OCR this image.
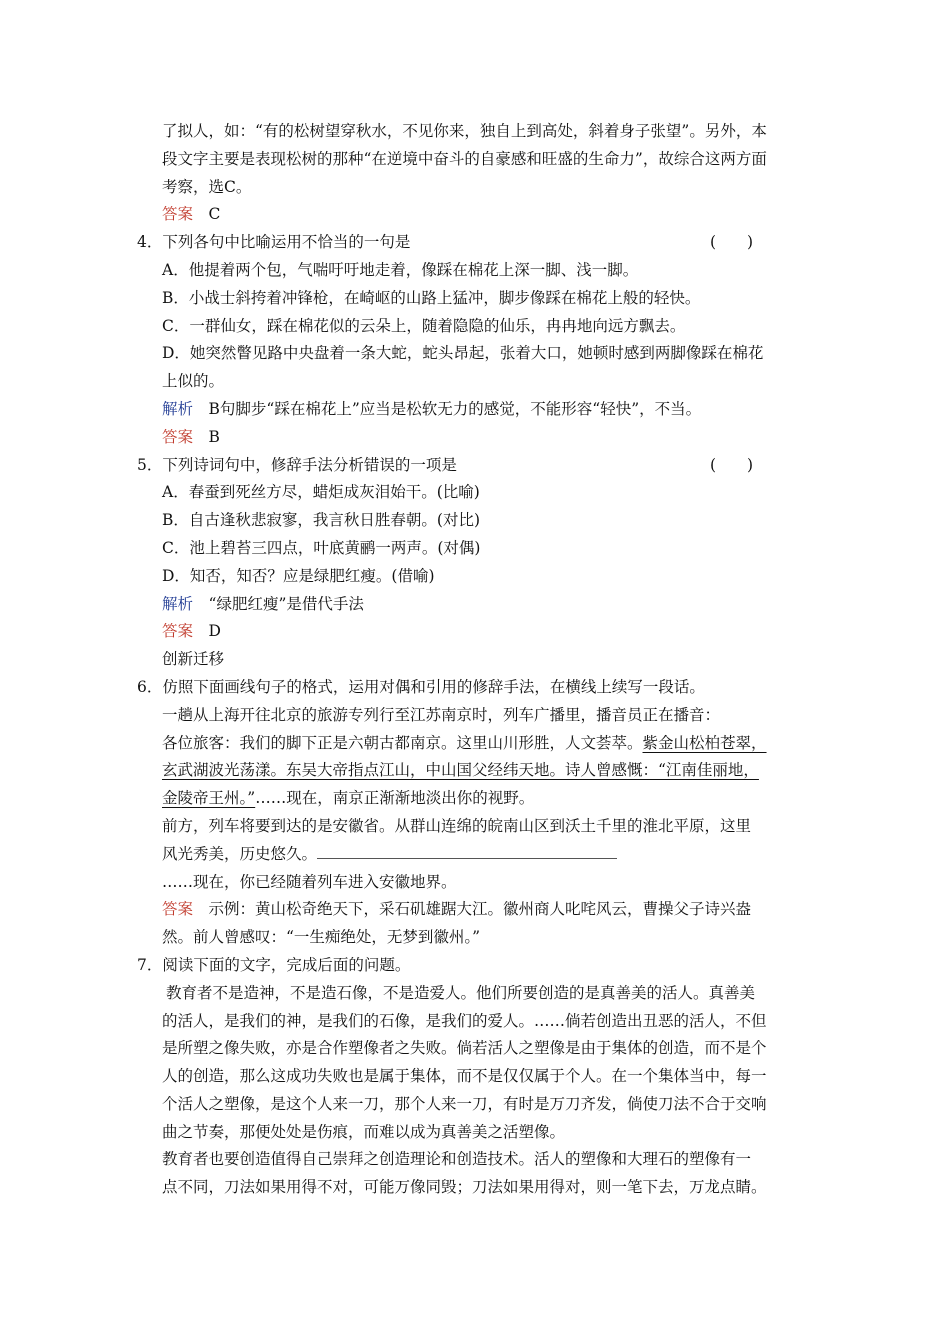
了拟人，如：“有的松树望穿秋水，不见你来，独自上到高处，斜着身子张望”。另外，本
段文字主要是表现松树的那种“在逆境中奋斗的自豪感和旺盛的生命力”，故综合这两方面
考察，选C。
答案　 C
4．下列各句中比喻运用不恰当的一句是	(　　)
A．他提着两个包，气喘吁吁地走着，像踩在棉花上深一脚、浅一脚。
B．小战士斜挎着冲锋枪，在崎岖的山路上猛冲，脚步像踩在棉花上般的轻快。
C．一群仙女，踩在棉花似的云朵上，随着隐隐的仙乐，冉冉地向远方飘去。
D．她突然瞥见路中央盘着一条大蛇，蛇头昂起，张着大口，她顿时感到两脚像踩在棉花
上似的。
解析　 B句脚步“踩在棉花上”应当是松软无力的感觉，不能形容“轻快”，不当。
答案　 B
5．下列诗词句中，修辞手法分析错误的一项是	(　　)
A．春蚕到死丝方尽，蜡炬成灰泪始干。(比喻)
B．自古逢秋悲寂寥，我言秋日胜春朝。(对比)
C．池上碧苔三四点，叶底黄鹂一两声。(对偶)
D．知否，知否？应是绿肥红瘦。(借喻)
解析　 “绿肥红瘦”是借代手法
答案　 D
创新迁移
6．仿照下面画线句子的格式，运用对偶和引用的修辞手法，在横线上续写一段话。
一趟从上海开往北京的旅游专列行至江苏南京时，列车广播里，播音员正在播音：
各位旅客：我们的脚下正是六朝古都南京。这里山川形胜，人文荟萃。紫金山松柏苍翠，
玄武湖波光荡漾。东吴大帝指点江山，中山国父经纬天地。诗人曾感慨：“江南佳丽地，
金陵帝王州。”……现在，南京正渐渐地淡出你的视野。
前方，列车将要到达的是安徽省。从群山连绵的皖南山区到沃土千里的淮北平原，这里
风光秀美，历史悠久。
……现在，你已经随着列车进入安徽地界。
答案　 示例：黄山松奇绝天下，采石矶雄踞大江。徽州商人叱咤风云，曹操父子诗兴盎
然。前人曾感叹：“一生痴绝处，无梦到徽州。”
7．阅读下面的文字，完成后面的问题。
教育者不是造神，不是造石像，不是造爱人。他们所要创造的是真善美的活人。真善美
的活人，是我们的神，是我们的石像，是我们的爱人。……倘若创造出丑恶的活人，不但
是所塑之像失败，亦是合作塑像者之失败。倘若活人之塑像是由于集体的创造，而不是个
人的创造，那么这成功失败也是属于集体，而不是仅仅属于个人。在一个集体当中，每一
个活人之塑像，是这个人来一刀，那个人来一刀，有时是万刀齐发，倘使刀法不合于交响
曲之节奏，那便处处是伤痕，而难以成为真善美之活塑像。
教育者也要创造值得自己崇拜之创造理论和创造技术。活人的塑像和大理石的塑像有一
点不同，刀法如果用得不对，可能万像同毁；刀法如果用得对，则一笔下去，万龙点睛。
